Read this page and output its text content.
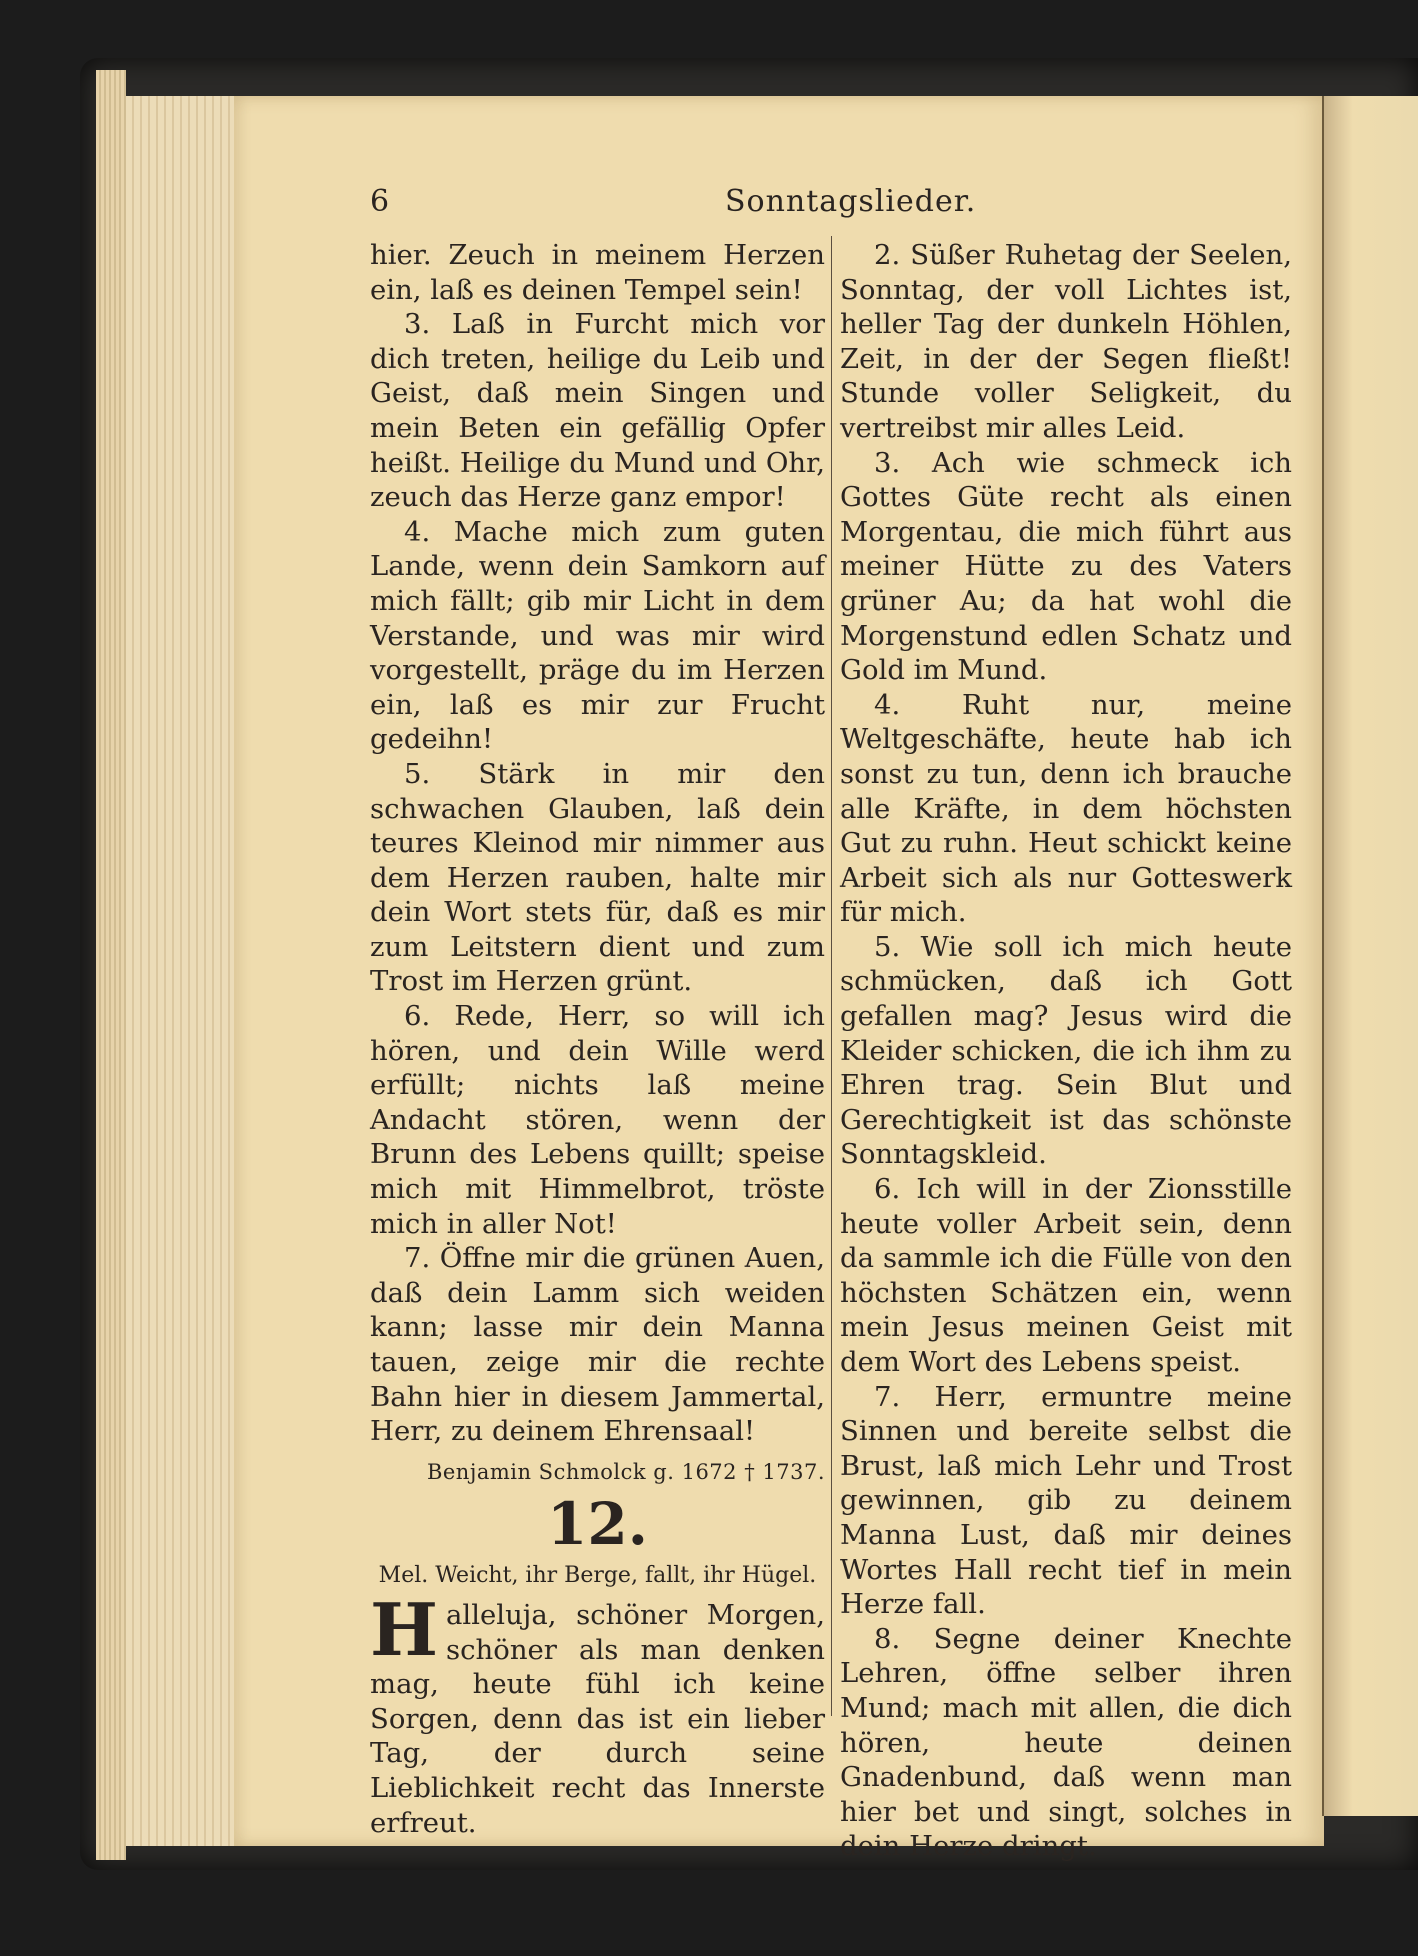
6	Sonntagslieder.

hier. Zeuch in meinem Herzen ein, laß es deinen Tempel sein!

3. Laß in Furcht mich vor dich treten, heilige du Leib und Geist, daß mein Singen und mein Beten ein gefällig Opfer heißt. Heilige du Mund und Ohr, zeuch das Herze ganz empor!

4. Mache mich zum guten Lande, wenn dein Samkorn auf mich fällt; gib mir Licht in dem Verstande, und was mir wird vorgestellt, präge du im Herzen ein, laß es mir zur Frucht gedeihn!

5. Stärk in mir den schwachen Glauben, laß dein teures Kleinod mir nimmer aus dem Herzen rauben, halte mir dein Wort stets für, daß es mir zum Leitstern dient und zum Trost im Herzen grünt.

6. Rede, Herr, so will ich hören, und dein Wille werd erfüllt; nichts laß meine Andacht stören, wenn der Brunn des Lebens quillt; speise mich mit Himmelbrot, tröste mich in aller Not!

7. Öffne mir die grünen Auen, daß dein Lamm sich weiden kann; lasse mir dein Manna tauen, zeige mir die rechte Bahn hier in diesem Jammertal, Herr, zu deinem Ehrensaal!

Benjamin Schmolck g. 1672 † 1737.
12.
Mel. Weicht, ihr Berge, fallt, ihr Hügel.

Halleluja, schöner Morgen, schöner als man denken mag, heute fühl ich keine Sorgen, denn das ist ein lieber Tag, der durch seine Lieblichkeit recht das Innerste erfreut.

2. Süßer Ruhetag der Seelen, Sonntag, der voll Lichtes ist, heller Tag der dunkeln Höhlen, Zeit, in der der Segen fließt! Stunde voller Seligkeit, du vertreibst mir alles Leid.

3. Ach wie schmeck ich Gottes Güte recht als einen Morgentau, die mich führt aus meiner Hütte zu des Vaters grüner Au; da hat wohl die Morgenstund edlen Schatz und Gold im Mund.

4. Ruht nur, meine Weltgeschäfte, heute hab ich sonst zu tun, denn ich brauche alle Kräfte, in dem höchsten Gut zu ruhn. Heut schickt keine Arbeit sich als nur Gotteswerk für mich.

5. Wie soll ich mich heute schmücken, daß ich Gott gefallen mag? Jesus wird die Kleider schicken, die ich ihm zu Ehren trag. Sein Blut und Gerechtigkeit ist das schönste Sonntagskleid.

6. Ich will in der Zionsstille heute voller Arbeit sein, denn da sammle ich die Fülle von den höchsten Schätzen ein, wenn mein Jesus meinen Geist mit dem Wort des Lebens speist.

7. Herr, ermuntre meine Sinnen und bereite selbst die Brust, laß mich Lehr und Trost gewinnen, gib zu deinem Manna Lust, daß mir deines Wortes Hall recht tief in mein Herze fall.

8. Segne deiner Knechte Lehren, öffne selber ihren Mund; mach mit allen, die dich hören, heute deinen Gnadenbund, daß wenn man hier bet und singt, solches in dein Herze dringt.
